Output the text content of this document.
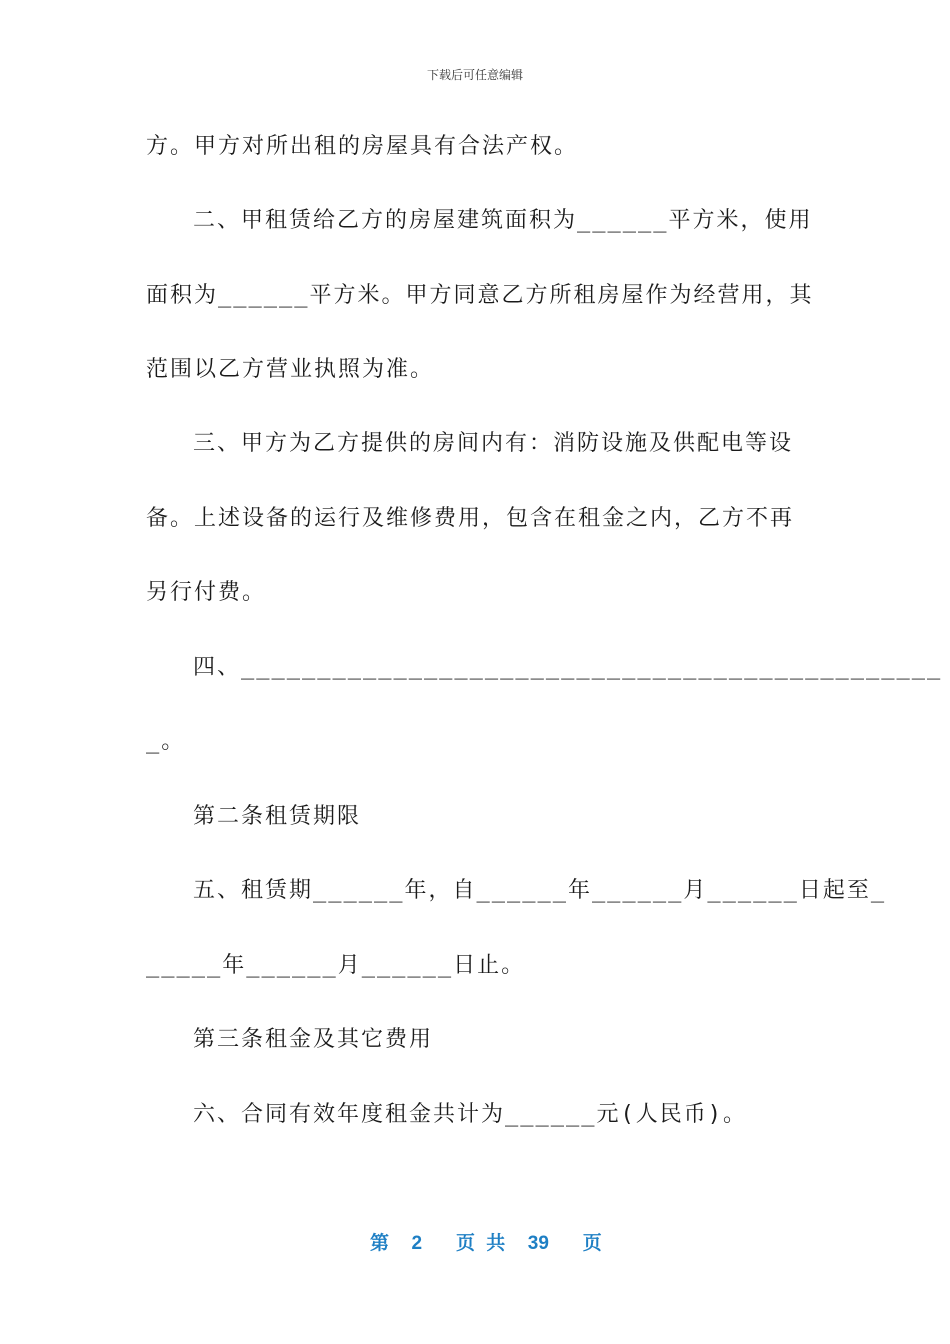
下载后可任意编辑
方。甲方对所出租的房屋具有合法产权。
二、甲租赁给乙方的房屋建筑面积为______平方米，使用
面积为______平方米。甲方同意乙方所租房屋作为经营用，其
范围以乙方营业执照为准。
三、甲方为乙方提供的房间内有：消防设施及供配电等设
备。上述设备的运行及维修费用，包含在租金之内，乙方不再
另行付费。
四、______________________________________________
_。
第二条租赁期限
五、租赁期______年，自______年______月______日起至_
_____年______月______日止。
第三条租金及其它费用
六、合同有效年度租金共计为______元(人民币)。
第  2   页 共  39   页
